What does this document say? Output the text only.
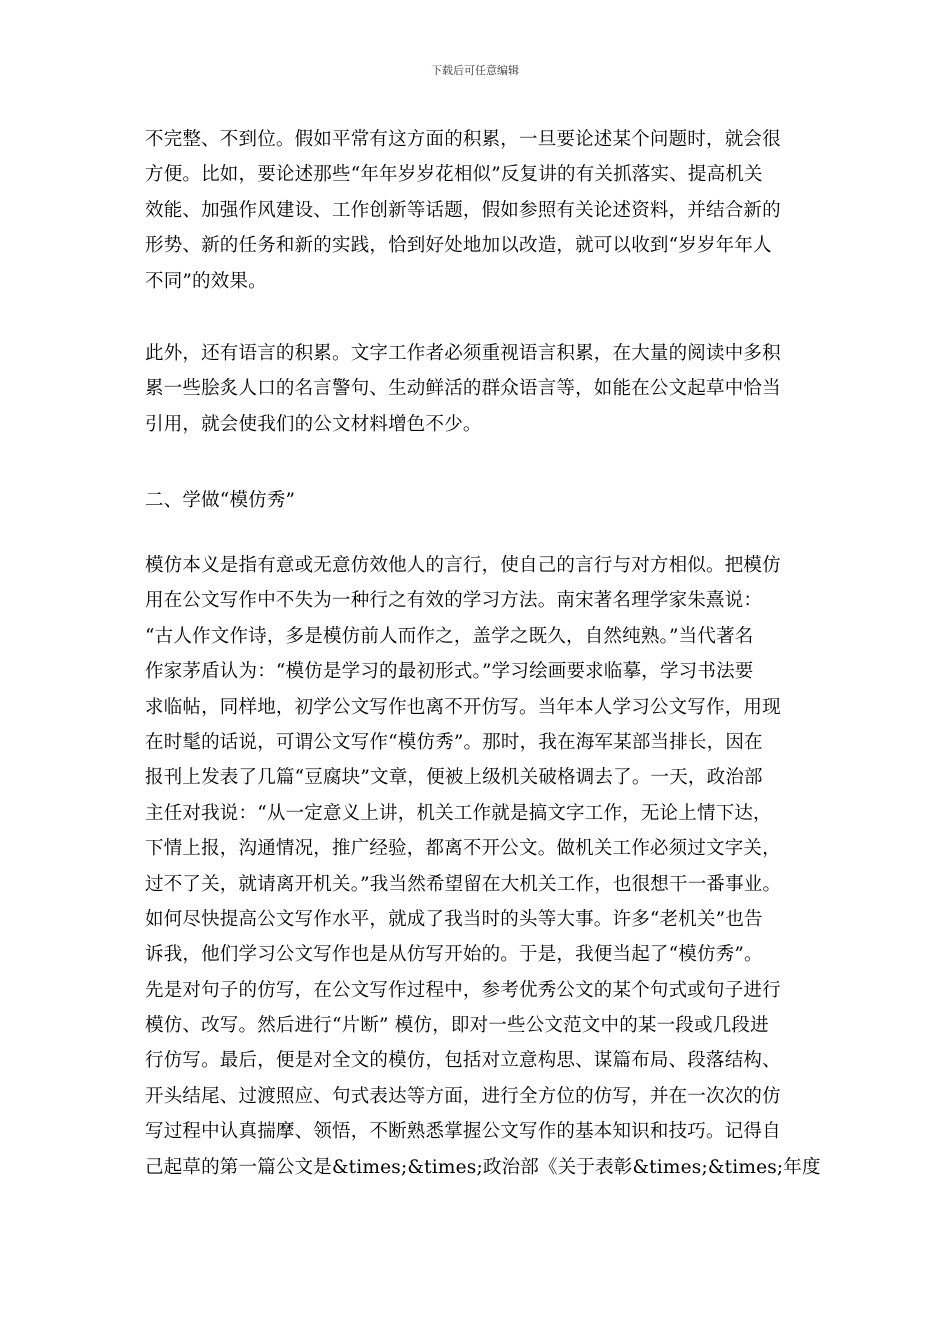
下载后可任意编辑
不完整、不到位。假如平常有这方面的积累，一旦要论述某个问题时，就会很
方便。比如，要论述那些“年年岁岁花相似”反复讲的有关抓落实、提高机关
效能、加强作风建设、工作创新等话题，假如参照有关论述资料，并结合新的
形势、新的任务和新的实践，恰到好处地加以改造，就可以收到“岁岁年年人
不同”的效果。
此外，还有语言的积累。文字工作者必须重视语言积累，在大量的阅读中多积
累一些脍炙人口的名言警句、生动鲜活的群众语言等，如能在公文起草中恰当
引用，就会使我们的公文材料增色不少。
二、学做“模仿秀”
模仿本义是指有意或无意仿效他人的言行，使自己的言行与对方相似。把模仿
用在公文写作中不失为一种行之有效的学习方法。南宋著名理学家朱熹说：
“古人作文作诗，多是模仿前人而作之，盖学之既久，自然纯熟。”当代著名
作家茅盾认为：“模仿是学习的最初形式。”学习绘画要求临摹，学习书法要
求临帖，同样地，初学公文写作也离不开仿写。当年本人学习公文写作，用现
在时髦的话说，可谓公文写作“模仿秀”。那时，我在海军某部当排长，因在
报刊上发表了几篇“豆腐块”文章，便被上级机关破格调去了。一天，政治部
主任对我说：“从一定意义上讲，机关工作就是搞文字工作，无论上情下达，
下情上报，沟通情况，推广经验，都离不开公文。做机关工作必须过文字关，
过不了关，就请离开机关。”我当然希望留在大机关工作，也很想干一番事业。
如何尽快提高公文写作水平，就成了我当时的头等大事。许多“老机关”也告
诉我，他们学习公文写作也是从仿写开始的。于是，我便当起了“模仿秀”。
先是对句子的仿写，在公文写作过程中，参考优秀公文的某个句式或句子进行
模仿、改写。然后进行“片断” 模仿，即对一些公文范文中的某一段或几段进
行仿写。最后，便是对全文的模仿，包括对立意构思、谋篇布局、段落结构、
开头结尾、过渡照应、句式表达等方面，进行全方位的仿写，并在一次次的仿
写过程中认真揣摩、领悟，不断熟悉掌握公文写作的基本知识和技巧。记得自
己起草的第一篇公文是&times;&times;政治部《关于表彰&times;&times;年度
